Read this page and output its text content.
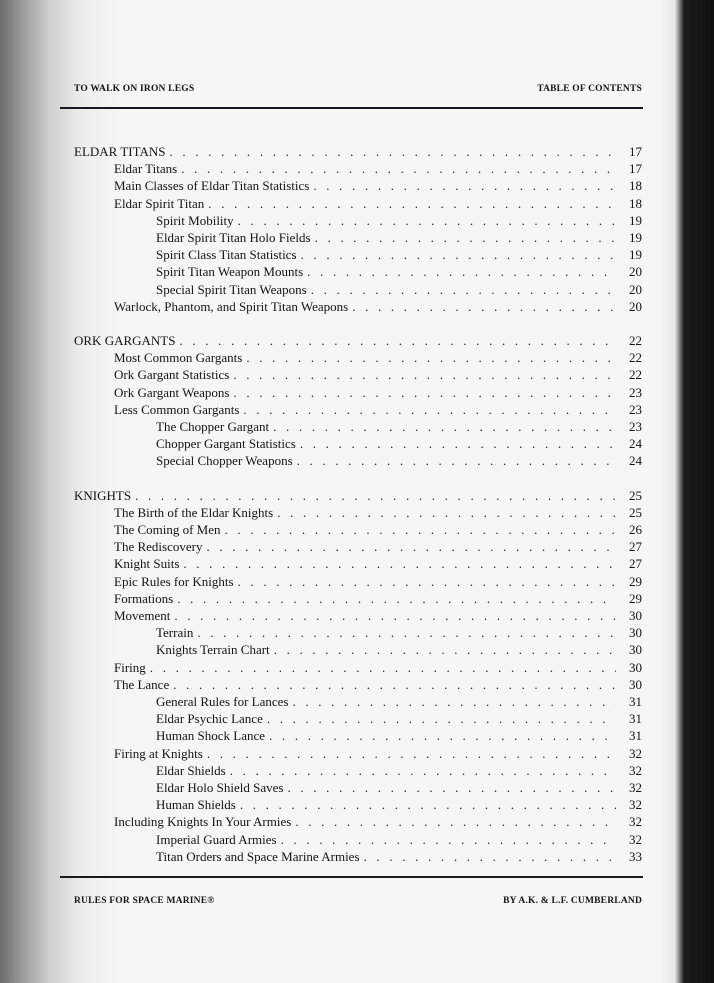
TO WALK ON IRON LEGS	TABLE OF CONTENTS
ELDAR TITANS . . .	17
Eldar Titans . . .	17
Main Classes of Eldar Titan Statistics . . .	18
Eldar Spirit Titan . . .	18
Spirit Mobility . . .	19
Eldar Spirit Titan Holo Fields . . .	19
Spirit Class Titan Statistics . . .	19
Spirit Titan Weapon Mounts . . .	20
Special Spirit Titan Weapons . . .	20
Warlock, Phantom, and Spirit Titan Weapons . . .	20
ORK GARGANTS . . .	22
Most Common Gargants . . .	22
Ork Gargant Statistics . . .	22
Ork Gargant Weapons . . .	23
Less Common Gargants . . .	23
The Chopper Gargant . . .	23
Chopper Gargant Statistics . . .	24
Special Chopper Weapons . . .	24
KNIGHTS . . .	25
The Birth of the Eldar Knights . . .	25
The Coming of Men . . .	26
The Rediscovery . . .	27
Knight Suits . . .	27
Epic Rules for Knights . . .	29
Formations . . .	29
Movement . . .	30
Terrain . . .	30
Knights Terrain Chart . . .	30
Firing . . .	30
The Lance . . .	30
General Rules for Lances . . .	31
Eldar Psychic Lance . . .	31
Human Shock Lance . . .	31
Firing at Knights . . .	32
Eldar Shields . . .	32
Eldar Holo Shield Saves . . .	32
Human Shields . . .	32
Including Knights In Your Armies . . .	32
Imperial Guard Armies . . .	32
Titan Orders and Space Marine Armies . . .	33
RULES FOR SPACE MARINE®	BY A.K. & L.F. CUMBERLAND
